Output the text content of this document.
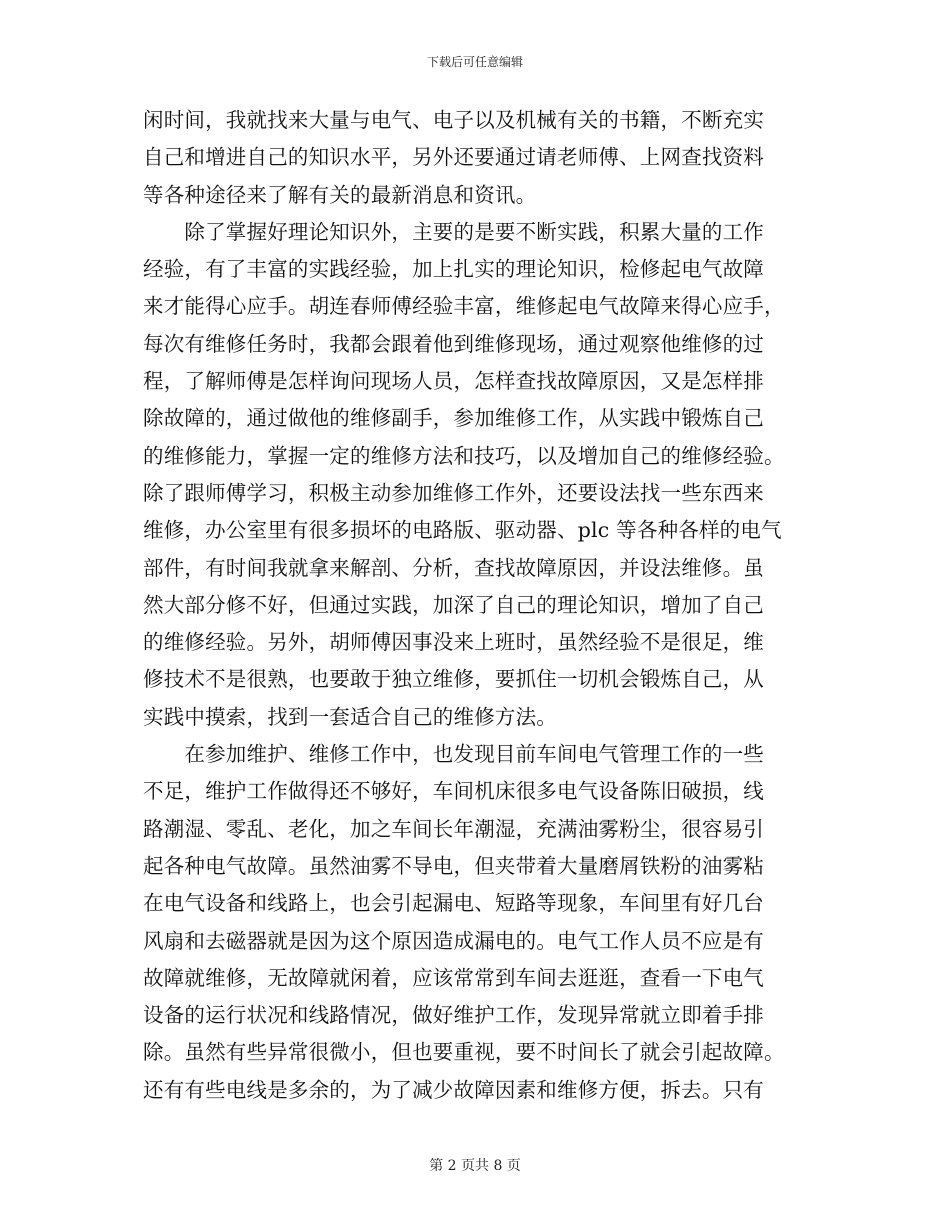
下载后可任意编辑
闲时间，我就找来大量与电气、电子以及机械有关的书籍，不断充实
自己和增进自己的知识水平，另外还要通过请老师傅、上网查找资料
等各种途径来了解有关的最新消息和资讯。
　　除了掌握好理论知识外，主要的是要不断实践，积累大量的工作
经验，有了丰富的实践经验，加上扎实的理论知识，检修起电气故障
来才能得心应手。胡连春师傅经验丰富，维修起电气故障来得心应手，
每次有维修任务时，我都会跟着他到维修现场，通过观察他维修的过
程，了解师傅是怎样询问现场人员，怎样查找故障原因，又是怎样排
除故障的，通过做他的维修副手，参加维修工作，从实践中锻炼自己
的维修能力，掌握一定的维修方法和技巧，以及增加自己的维修经验。
除了跟师傅学习，积极主动参加维修工作外，还要设法找一些东西来
维修，办公室里有很多损坏的电路版、驱动器、plc 等各种各样的电气
部件，有时间我就拿来解剖、分析，查找故障原因，并设法维修。虽
然大部分修不好，但通过实践，加深了自己的理论知识，增加了自己
的维修经验。另外，胡师傅因事没来上班时，虽然经验不是很足，维
修技术不是很熟，也要敢于独立维修，要抓住一切机会锻炼自己，从
实践中摸索，找到一套适合自己的维修方法。
　　在参加维护、维修工作中，也发现目前车间电气管理工作的一些
不足，维护工作做得还不够好，车间机床很多电气设备陈旧破损，线
路潮湿、零乱、老化，加之车间长年潮湿，充满油雾粉尘，很容易引
起各种电气故障。虽然油雾不导电，但夹带着大量磨屑铁粉的油雾粘
在电气设备和线路上，也会引起漏电、短路等现象，车间里有好几台
风扇和去磁器就是因为这个原因造成漏电的。电气工作人员不应是有
故障就维修，无故障就闲着，应该常常到车间去逛逛，查看一下电气
设备的运行状况和线路情况，做好维护工作，发现异常就立即着手排
除。虽然有些异常很微小，但也要重视，要不时间长了就会引起故障。
还有有些电线是多余的，为了减少故障因素和维修方便，拆去。只有
第 2 页共 8 页
